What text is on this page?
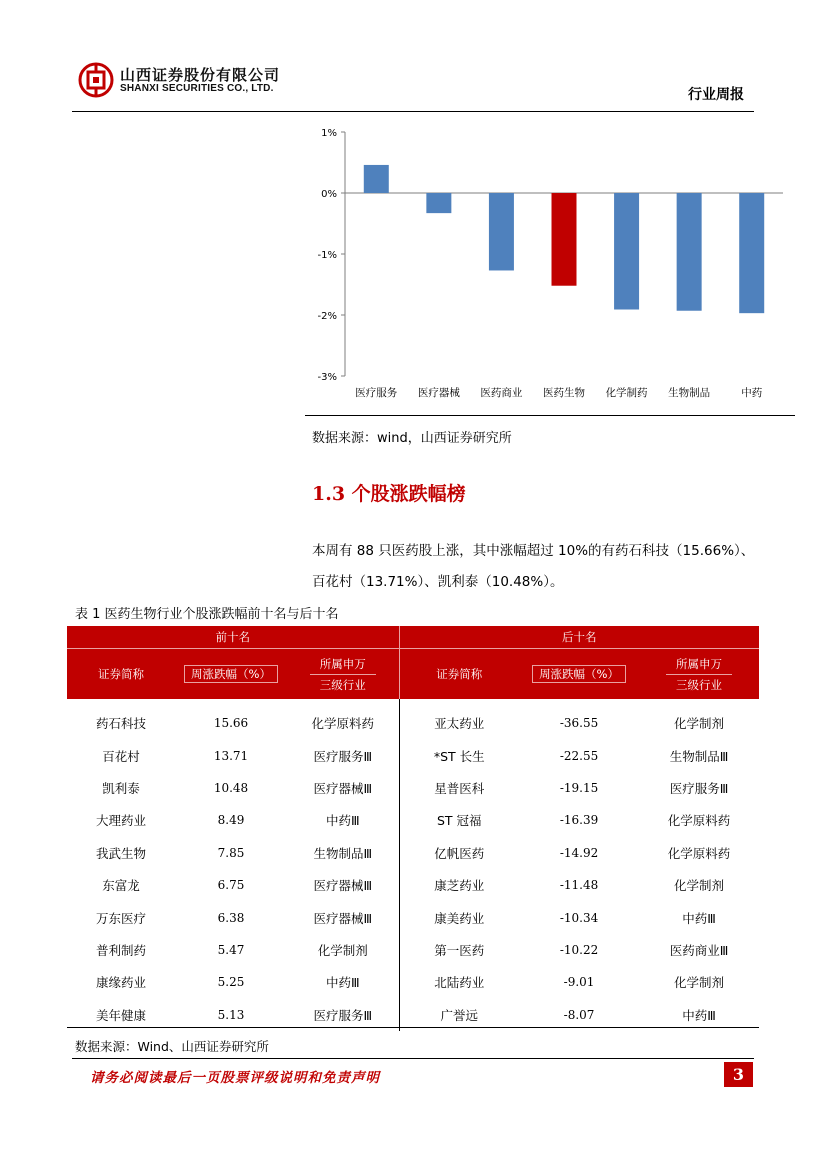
山西证券股份有限公司
SHANXI SECURITIES CO., LTD.	行业周报
1%
0%
-1%
-2%
-3%
医疗服务 医疗器械 医药商业 医药生物 化学制药 生物制品	中药
数据来源：wind，山西证券研究所
1.3 个股涨跌幅榜
本周有 88 只医药股上涨，其中涨幅超过 10%的有药石科技（15.66%）、
百花村（13.71%）、凯利泰（10.48%）。
表 1 医药生物行业个股涨跌幅前十名与后十名
前十名			后十名		
证券简称	周涨跌幅（%）	所属申万
三级行业	证券简称	周涨跌幅（%）	所属申万
三级行业

药石科技	15.66	化学原料药	亚太药业	-36.55	化学制剂
百花村	13.71	医疗服务Ⅲ	*ST 长生	-22.55	生物制品Ⅲ
凯利泰	10.48	医疗器械Ⅲ	星普医科	-19.15	医疗服务Ⅲ
大理药业	8.49	中药Ⅲ	ST 冠福	-16.39	化学原料药
我武生物	7.85	生物制品Ⅲ	亿帆医药	-14.92	化学原料药
东富龙	6.75	医疗器械Ⅲ	康芝药业	-11.48	化学制剂
万东医疗	6.38	医疗器械Ⅲ	康美药业	-10.34	中药Ⅲ
普利制药	5.47	化学制剂	第一医药	-10.22	医药商业Ⅲ
康缘药业	5.25	中药Ⅲ	北陆药业	-9.01	化学制剂
美年健康	5.13	医疗服务Ⅲ	广誉远	-8.07	中药Ⅲ
数据来源：Wind、山西证券研究所
请务必阅读最后一页股票评级说明和免责声明	3
